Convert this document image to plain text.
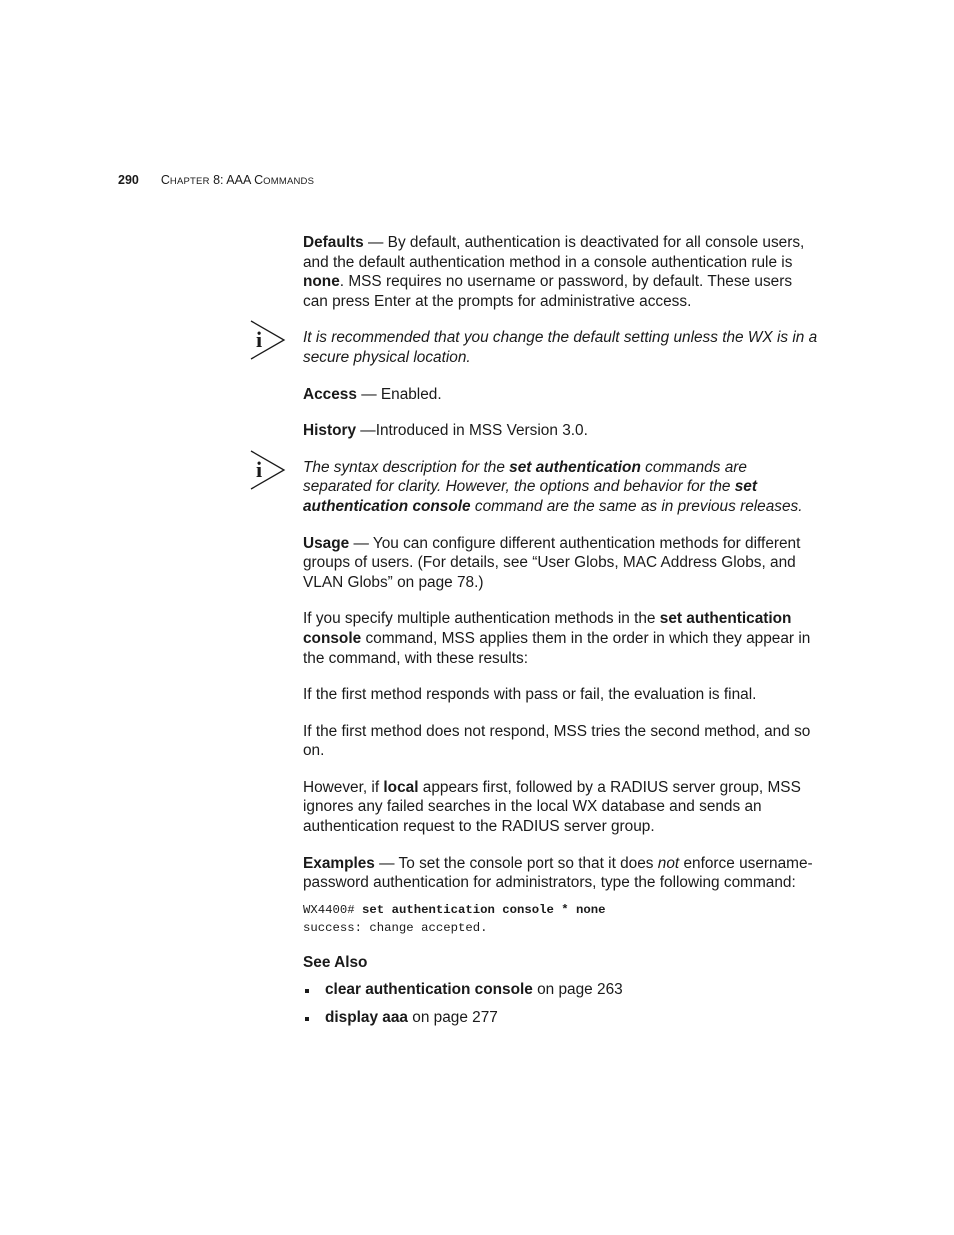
290 CHAPTER 8: AAA COMMANDS

Defaults — By default, authentication is deactivated for all console users, and the default authentication method in a console authentication rule is none. MSS requires no username or password, by default. These users can press Enter at the prompts for administrative access.

i	It is recommended that you change the default setting unless the WX is in a secure physical location.

Access — Enabled.

History —Introduced in MSS Version 3.0.

i	The syntax description for the set authentication commands are separated for clarity. However, the options and behavior for the set authentication console command are the same as in previous releases.

Usage — You can configure different authentication methods for different groups of users. (For details, see “User Globs, MAC Address Globs, and VLAN Globs” on page 78.)

If you specify multiple authentication methods in the set authentication console command, MSS applies them in the order in which they appear in the command, with these results:

If the first method responds with pass or fail, the evaluation is final.

If the first method does not respond, MSS tries the second method, and so on.

However, if local appears first, followed by a RADIUS server group, MSS ignores any failed searches in the local WX database and sends an authentication request to the RADIUS server group.

Examples — To set the console port so that it does not enforce username-password authentication for administrators, type the following command:

WX4400# set authentication console * none
success: change accepted.

See Also

clear authentication console on page 263
display aaa on page 277
